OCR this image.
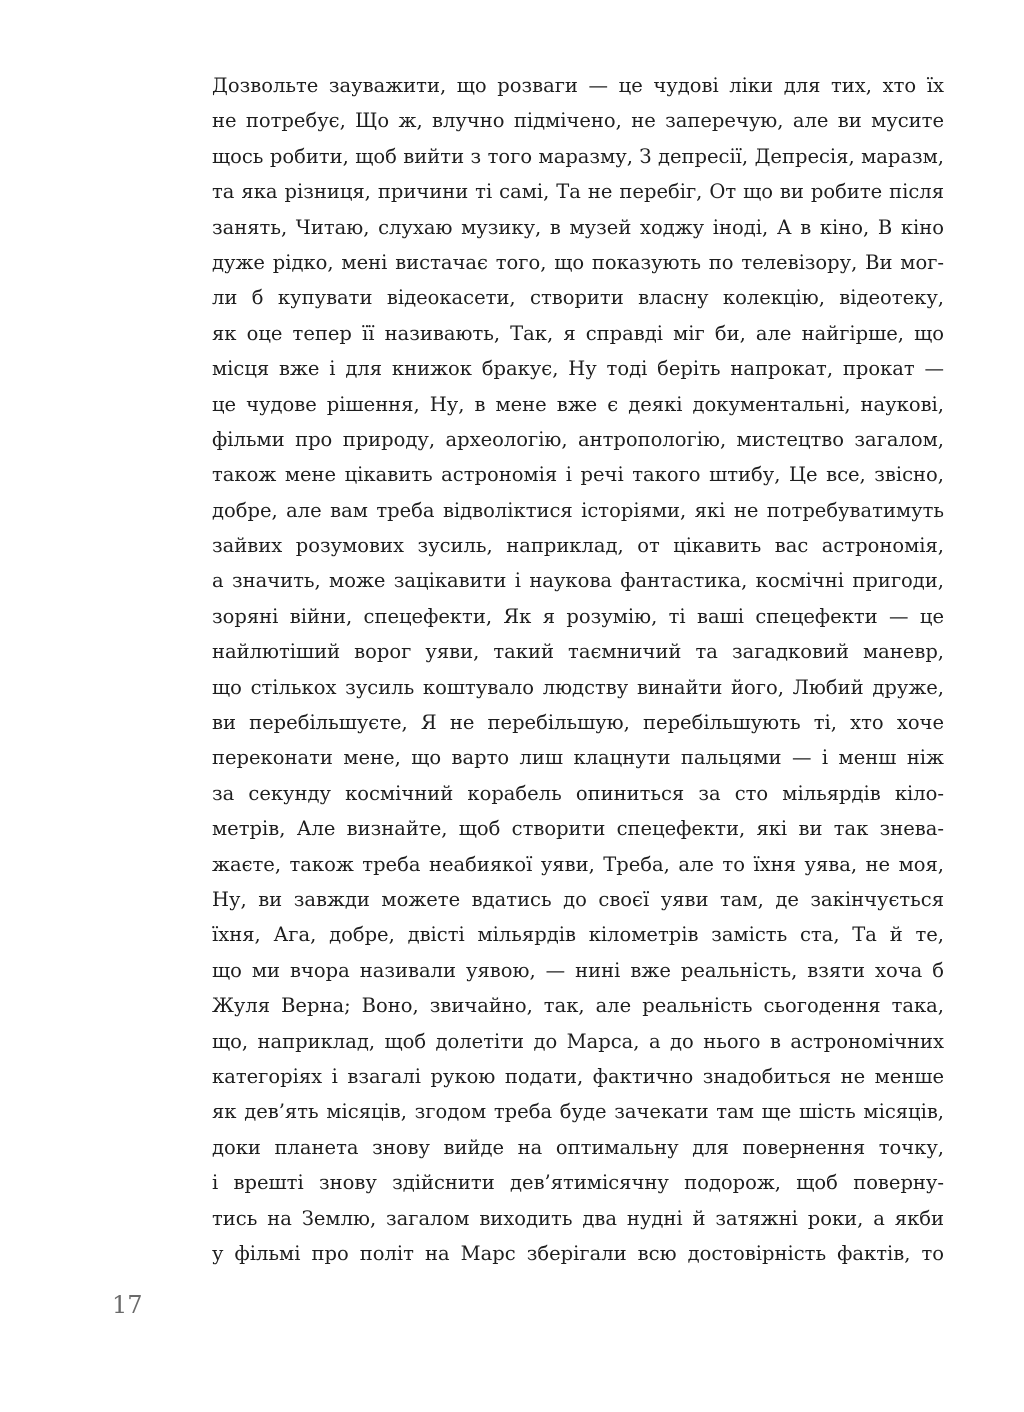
Дозвольте зауважити, що розваги — це чудові ліки для тих, хто їх
не потребує, Що ж, влучно підмічено, не заперечую, але ви мусите
щось робити, щоб вийти з того маразму, З депресії, Депресія, маразм,
та яка різниця, причини ті самі, Та не перебіг, От що ви робите після
занять, Читаю, слухаю музику, в музей ходжу іноді, А в кіно, В кіно
дуже рідко, мені вистачає того, що показують по телевізору, Ви мог-
ли б купувати відеокасети, створити власну колекцію, відеотеку,
як оце тепер її називають, Так, я справді міг би, але найгірше, що
місця вже і для книжок бракує, Ну тоді беріть напрокат, прокат —
це чудове рішення, Ну, в мене вже є деякі документальні, наукові,
фільми про природу, археологію, антропологію, мистецтво загалом,
також мене цікавить астрономія і речі такого штибу, Це все, звісно,
добре, але вам треба відволіктися історіями, які не потребуватимуть
зайвих розумових зусиль, наприклад, от цікавить вас астрономія,
а значить, може зацікавити і наукова фантастика, космічні пригоди,
зоряні війни, спецефекти, Як я розумію, ті ваші спецефекти — це
найлютіший ворог уяви, такий таємничий та загадковий маневр,
що стількох зусиль коштувало людству винайти його, Любий друже,
ви перебільшуєте, Я не перебільшую, перебільшують ті, хто хоче
переконати мене, що варто лиш клацнути пальцями — і менш ніж
за секунду космічний корабель опиниться за сто мільярдів кіло-
метрів, Але визнайте, щоб створити спецефекти, які ви так знева-
жаєте, також треба неабиякої уяви, Треба, але то їхня уява, не моя,
Ну, ви завжди можете вдатись до своєї уяви там, де закінчується
їхня, Ага, добре, двісті мільярдів кілометрів замість ста, Та й те,
що ми вчора називали уявою, — нині вже реальність, взяти хоча б
Жуля Верна; Воно, звичайно, так, але реальність сьогодення така,
що, наприклад, щоб долетіти до Марса, а до нього в астрономічних
категоріях і взагалі рукою подати, фактично знадобиться не менше
як дев’ять місяців, згодом треба буде зачекати там ще шість місяців,
доки планета знову вийде на оптимальну для повернення точку,
і врешті знову здійснити дев’ятимісячну подорож, щоб поверну-
тись на Землю, загалом виходить два нудні й затяжні роки, а якби
у фільмі про політ на Марс зберігали всю достовірність фактів, то

17
